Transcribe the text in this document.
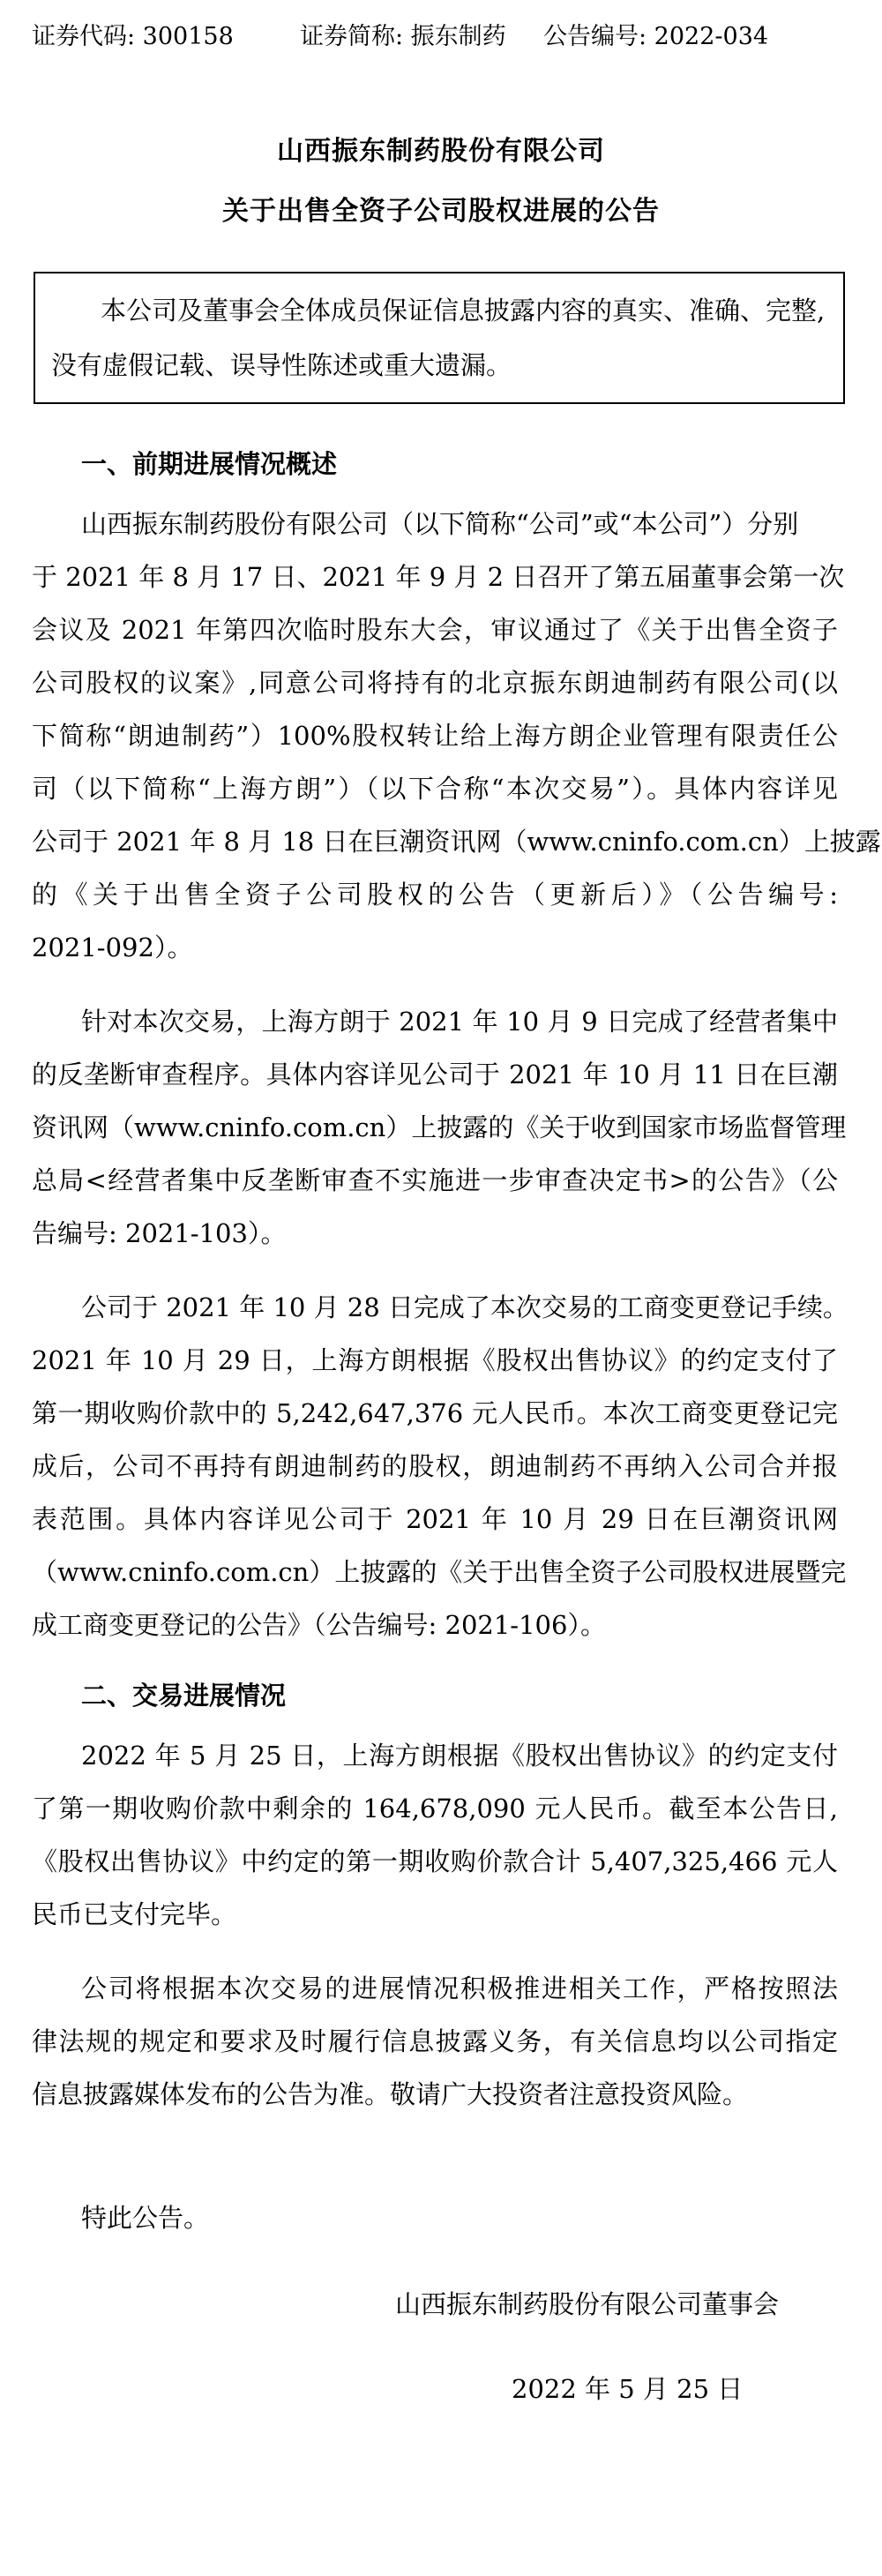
证券代码: 300158	证券简称: 振东制药 公告编号: 2022-034
山西振东制药股份有限公司
关于出售全资子公司股权进展的公告
本公司及董事会全体成员保证信息披露内容的真实、准确、完整,
没有虚假记载、误导性陈述或重大遗漏。
一、前期进展情况概述
山西振东制药股份有限公司（以下简称“公司”或“本公司”）分别
于 2021 年 8 月 17 日、2021 年 9 月 2 日召开了第五届董事会第一次
会议及 2021 年第四次临时股东大会，审议通过了《关于出售全资子
公司股权的议案》,同意公司将持有的北京振东朗迪制药有限公司(以
下简称“朗迪制药”）100%股权转让给上海方朗企业管理有限责任公
司（以下简称“上海方朗”）（以下合称“本次交易”）。具体内容详见
公司于 2021 年 8 月 18 日在巨潮资讯网（www.cninfo.com.cn）上披露
的《关于出售全资子公司股权的公告（更新后）》（公告编号:
2021-092）。
针对本次交易，上海方朗于 2021 年 10 月 9 日完成了经营者集中
的反垄断审查程序。具体内容详见公司于 2021 年 10 月 11 日在巨潮
资讯网（www.cninfo.com.cn）上披露的《关于收到国家市场监督管理
总局<经营者集中反垄断审查不实施进一步审查决定书>的公告》（公
告编号: 2021-103）。
公司于 2021 年 10 月 28 日完成了本次交易的工商变更登记手续。
2021 年 10 月 29 日，上海方朗根据《股权出售协议》的约定支付了
第一期收购价款中的 5,242,647,376 元人民币。本次工商变更登记完
成后，公司不再持有朗迪制药的股权，朗迪制药不再纳入公司合并报
表范围。具体内容详见公司于 2021 年 10 月 29 日在巨潮资讯网
（www.cninfo.com.cn）上披露的《关于出售全资子公司股权进展暨完
成工商变更登记的公告》（公告编号: 2021-106）。
二、交易进展情况
2022 年 5 月 25 日，上海方朗根据《股权出售协议》的约定支付
了第一期收购价款中剩余的 164,678,090 元人民币。截至本公告日,
《股权出售协议》中约定的第一期收购价款合计 5,407,325,466 元人
民币已支付完毕。
公司将根据本次交易的进展情况积极推进相关工作，严格按照法
律法规的规定和要求及时履行信息披露义务，有关信息均以公司指定
信息披露媒体发布的公告为准。敬请广大投资者注意投资风险。
特此公告。
山西振东制药股份有限公司董事会
2022 年 5 月 25 日
